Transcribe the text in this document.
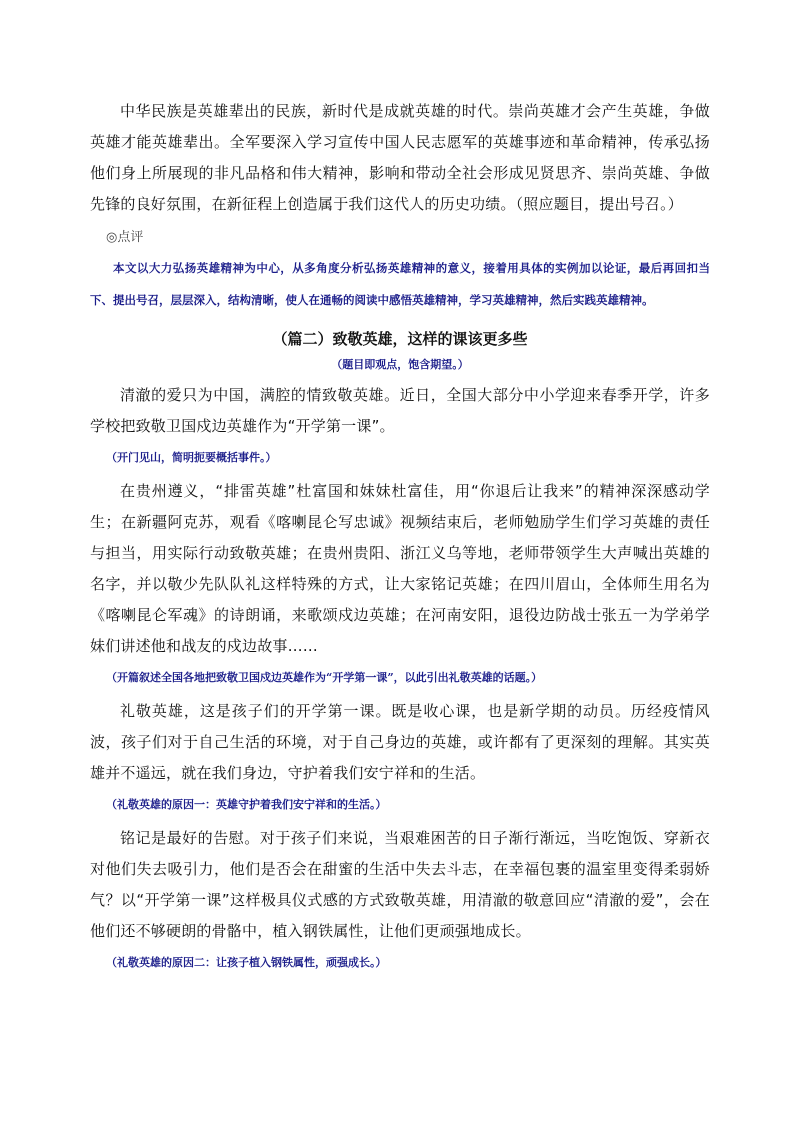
中华民族是英雄辈出的民族，新时代是成就英雄的时代。崇尚英雄才会产生英雄，争做英雄才能英雄辈出。全军要深入学习宣传中国人民志愿军的英雄事迹和革命精神，传承弘扬他们身上所展现的非凡品格和伟大精神，影响和带动全社会形成见贤思齐、崇尚英雄、争做先锋的良好氛围，在新征程上创造属于我们这代人的历史功绩。（照应题目，提出号召。）

◎点评

本文以大力弘扬英雄精神为中心，从多角度分析弘扬英雄精神的意义，接着用具体的实例加以论证，最后再回扣当下、提出号召，层层深入，结构清晰，使人在通畅的阅读中感悟英雄精神，学习英雄精神，然后实践英雄精神。

（篇二）致敬英雄，这样的课该更多些
（题目即观点，饱含期望。）

清澈的爱只为中国，满腔的情致敬英雄。近日，全国大部分中小学迎来春季开学，许多学校把致敬卫国戍边英雄作为“开学第一课”。

（开门见山，简明扼要概括事件。）

在贵州遵义，“排雷英雄”杜富国和妹妹杜富佳，用“你退后让我来”的精神深深感动学生；在新疆阿克苏，观看《喀喇昆仑写忠诚》视频结束后，老师勉励学生们学习英雄的责任与担当，用实际行动致敬英雄；在贵州贵阳、浙江义乌等地，老师带领学生大声喊出英雄的名字，并以敬少先队队礼这样特殊的方式，让大家铭记英雄；在四川眉山，全体师生用名为《喀喇昆仑军魂》的诗朗诵，来歌颂戍边英雄；在河南安阳，退役边防战士张五一为学弟学妹们讲述他和战友的戍边故事……

（开篇叙述全国各地把致敬卫国戍边英雄作为“开学第一课”，以此引出礼敬英雄的话题。）

礼敬英雄，这是孩子们的开学第一课。既是收心课，也是新学期的动员。历经疫情风波，孩子们对于自己生活的环境，对于自己身边的英雄，或许都有了更深刻的理解。其实英雄并不遥远，就在我们身边，守护着我们安宁祥和的生活。

（礼敬英雄的原因一：英雄守护着我们安宁祥和的生活。）

铭记是最好的告慰。对于孩子们来说，当艰难困苦的日子渐行渐远，当吃饱饭、穿新衣对他们失去吸引力，他们是否会在甜蜜的生活中失去斗志，在幸福包裹的温室里变得柔弱娇气？以“开学第一课”这样极具仪式感的方式致敬英雄，用清澈的敬意回应“清澈的爱”，会在他们还不够硬朗的骨骼中，植入钢铁属性，让他们更顽强地成长。

（礼敬英雄的原因二：让孩子植入钢铁属性，顽强成长。）
